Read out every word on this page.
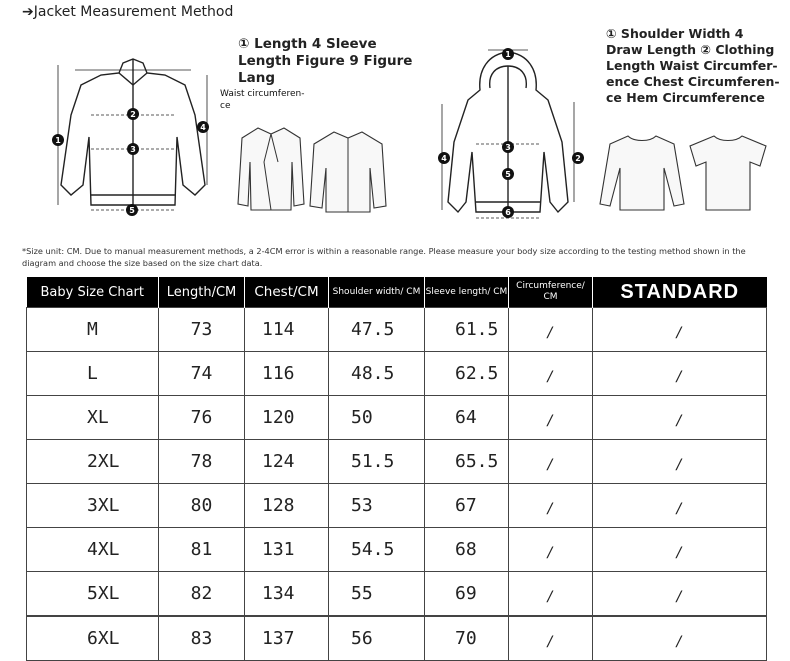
➔Jacket Measurement Method
1
2
3
4
5
① Length 4 Sleeve Length Figure 9 Figure Lang
Waist circumferen-ce
1
2
3
4
5
6
① Shoulder Width 4 Draw Length ② Clothing Length Waist Circumfer-ence Chest Circumferen-ce Hem Circumference
*Size unit: CM. Due to manual measurement methods, a 2-4CM error is within a reasonable range. Please measure your body size according to the testing method shown in the diagram and choose the size based on the size chart data.
Baby Size Chart	Length/CM	Chest/CM	Shoulder width/ CM	Sleeve length/ CM	Circumference/ CM	STANDARD
M	73	114	47.5	61.5	/	/
L	74	116	48.5	62.5	/	/
XL	76	120	50	64	/	/
2XL	78	124	51.5	65.5	/	/
3XL	80	128	53	67	/	/
4XL	81	131	54.5	68	/	/
5XL	82	134	55	69	/	/
6XL	83	137	56	70	/	/
